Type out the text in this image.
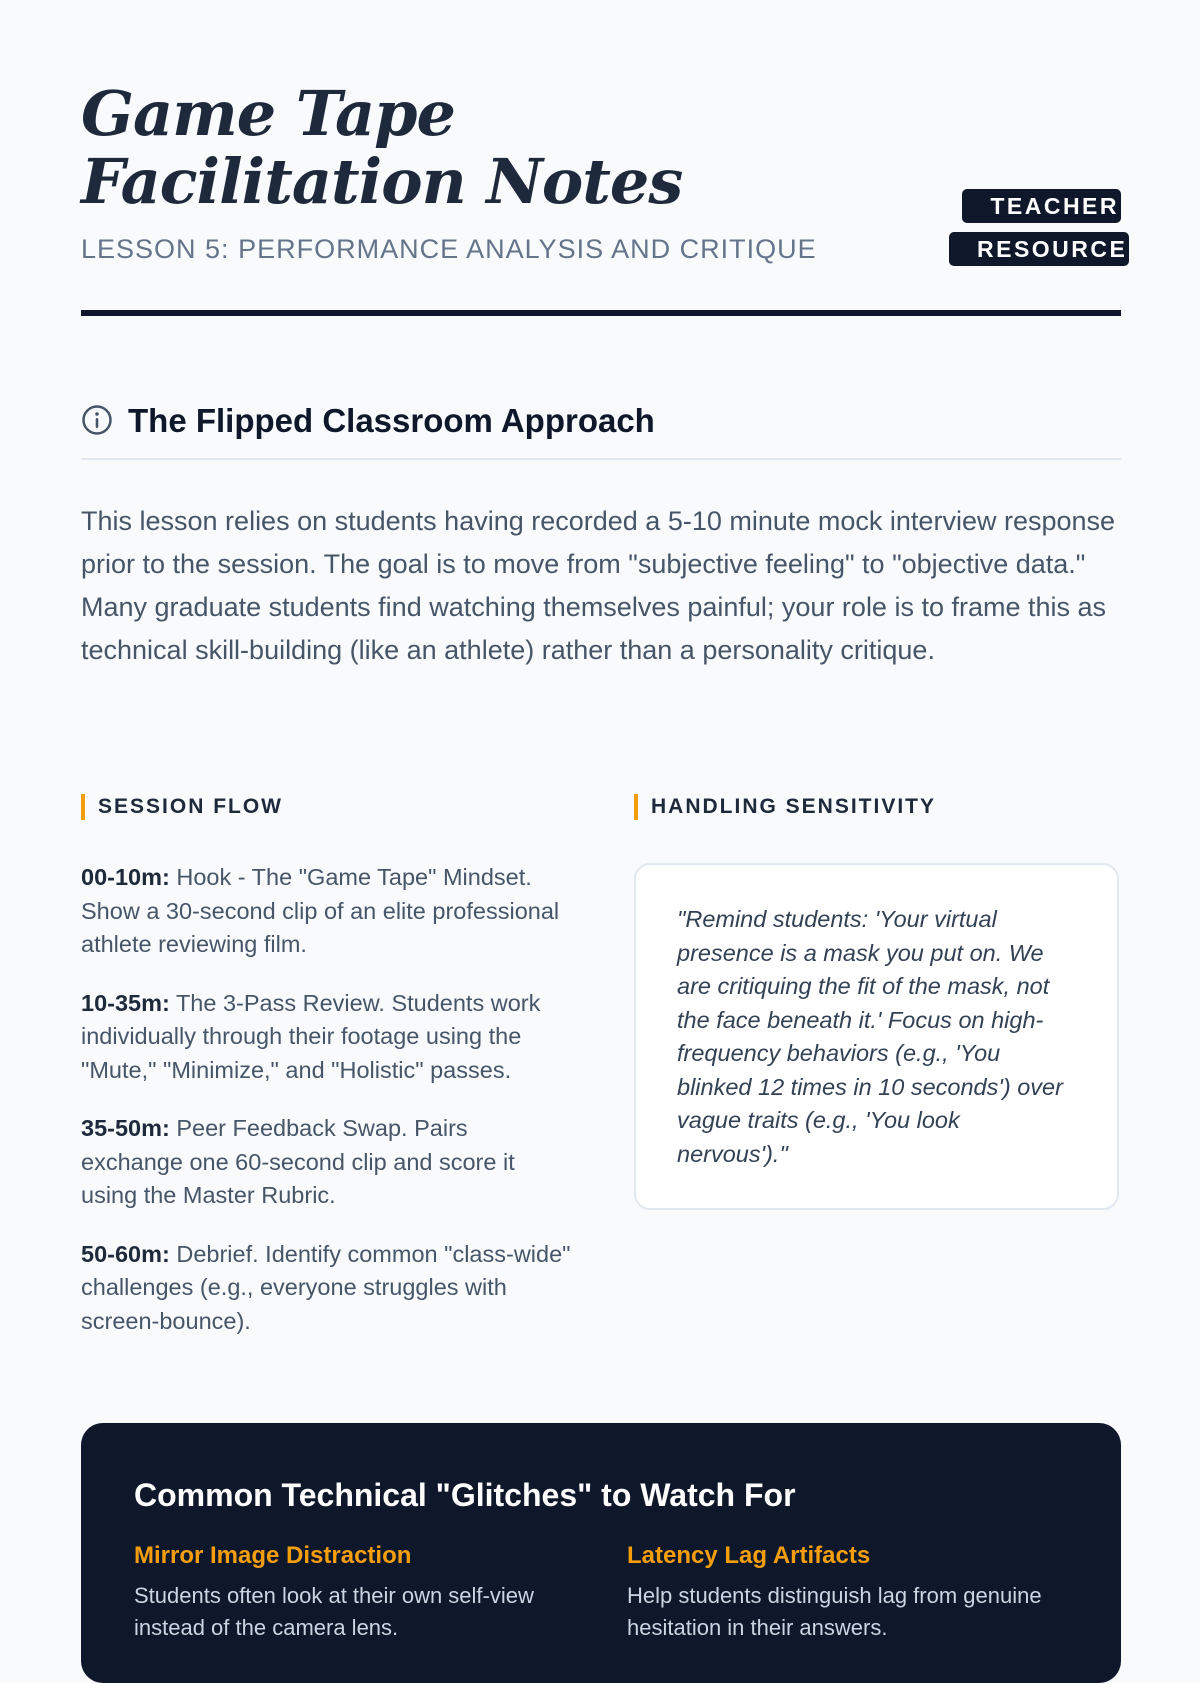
Game Tape Facilitation Notes
LESSON 5: PERFORMANCE ANALYSIS AND CRITIQUE
TEACHER RESOURCE
The Flipped Classroom Approach

This lesson relies on students having recorded a 5-10 minute mock interview response prior to the session. The goal is to move from "subjective feeling" to "objective data." Many graduate students find watching themselves painful; your role is to frame this as technical skill-building (like an athlete) rather than a personality critique.

SESSION FLOW

00-10m: Hook - The "Game Tape" Mindset. Show a 30-second clip of an elite professional athlete reviewing film.

10-35m: The 3-Pass Review. Students work individually through their footage using the "Mute," "Minimize," and "Holistic" passes.

35-50m: Peer Feedback Swap. Pairs exchange one 60-second clip and score it using the Master Rubric.

50-60m: Debrief. Identify common "class-wide" challenges (e.g., everyone struggles with screen-bounce).

HANDLING SENSITIVITY

"Remind students: 'Your virtual presence is a mask you put on. We are critiquing the fit of the mask, not the face beneath it.' Focus on high-frequency behaviors (e.g., 'You blinked 12 times in 10 seconds') over vague traits (e.g., 'You look nervous')."

Common Technical "Glitches" to Watch For
Mirror Image Distraction
Students often look at their own self-view instead of the camera lens.
Latency Lag Artifacts
Help students distinguish lag from genuine hesitation in their answers.
